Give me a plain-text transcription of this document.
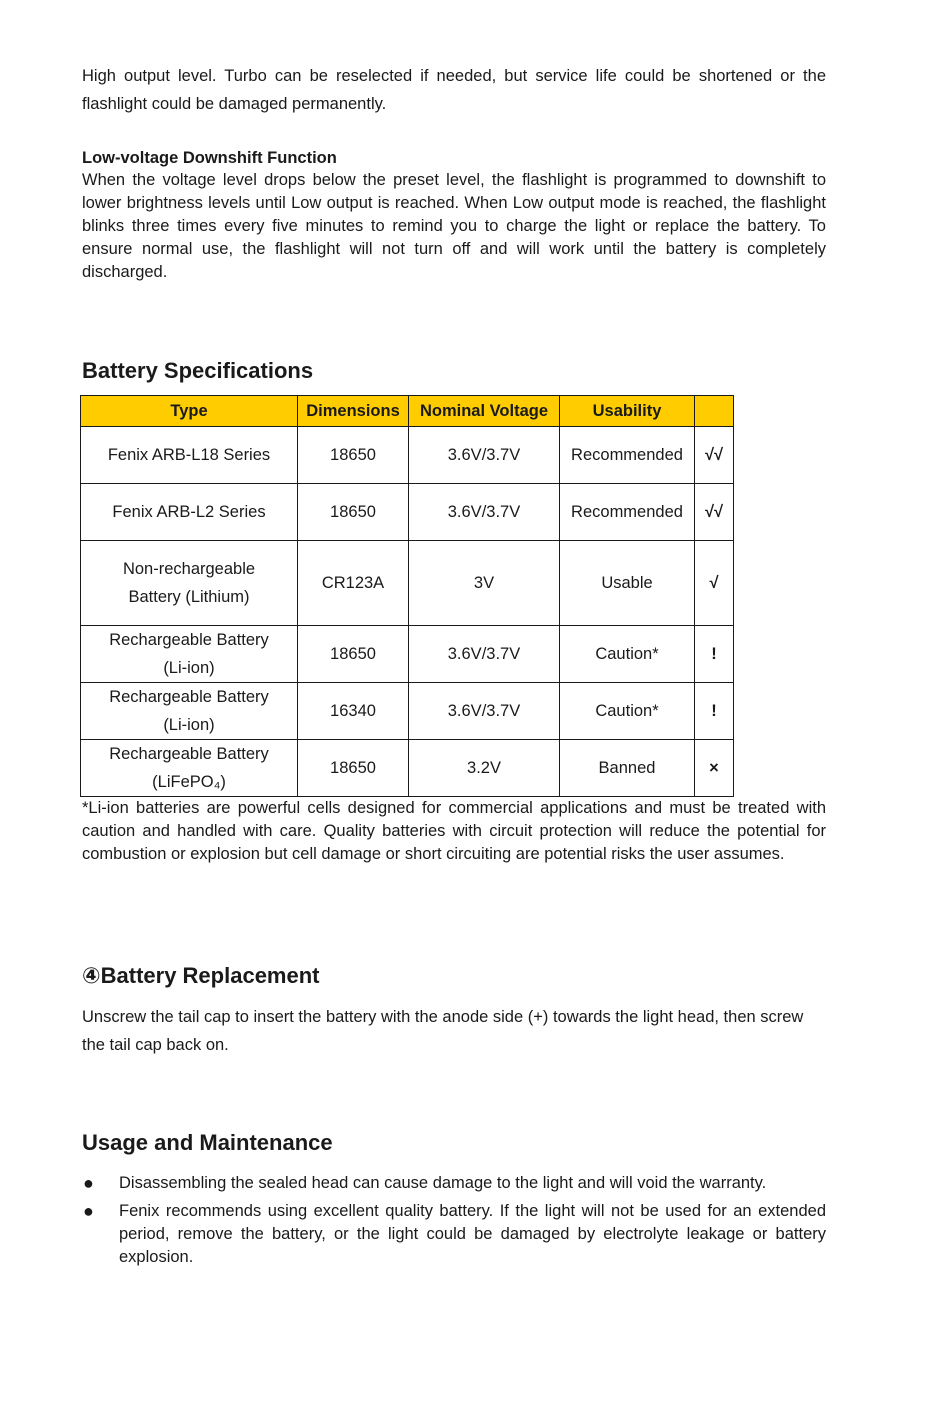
High output level. Turbo can be reselected if needed, but service life could be shortened or the flashlight could be damaged permanently.

Low-voltage Downshift Function

When the voltage level drops below the preset level, the flashlight is programmed to downshift to lower brightness levels until Low output is reached. When Low output mode is reached, the flashlight blinks three times every five minutes to remind you to charge the light or replace the battery. To ensure normal use, the flashlight will not turn off and will work until the battery is completely discharged.

Battery Specifications
Type	Dimensions	Nominal Voltage	Usability	
Fenix ARB-L18 Series	18650	3.6V/3.7V	Recommended	√√
Fenix ARB-L2 Series	18650	3.6V/3.7V	Recommended	√√
Non-rechargeable Battery (Lithium)	CR123A	3V	Usable	√
Rechargeable Battery (Li-ion)	18650	3.6V/3.7V	Caution*	!
Rechargeable Battery (Li-ion)	16340	3.6V/3.7V	Caution*	!
Rechargeable Battery (LiFePO₄)	18650	3.2V	Banned	×

*Li-ion batteries are powerful cells designed for commercial applications and must be treated with caution and handled with care. Quality batteries with circuit protection will reduce the potential for combustion or explosion but cell damage or short circuiting are potential risks the user assumes.

④Battery Replacement

Unscrew the tail cap to insert the battery with the anode side (+) towards the light head, then screw the tail cap back on.

Usage and Maintenance
● Disassembling the sealed head can cause damage to the light and will void the warranty.
● Fenix recommends using excellent quality battery. If the light will not be used for an extended period, remove the battery, or the light could be damaged by electrolyte leakage or battery explosion.
